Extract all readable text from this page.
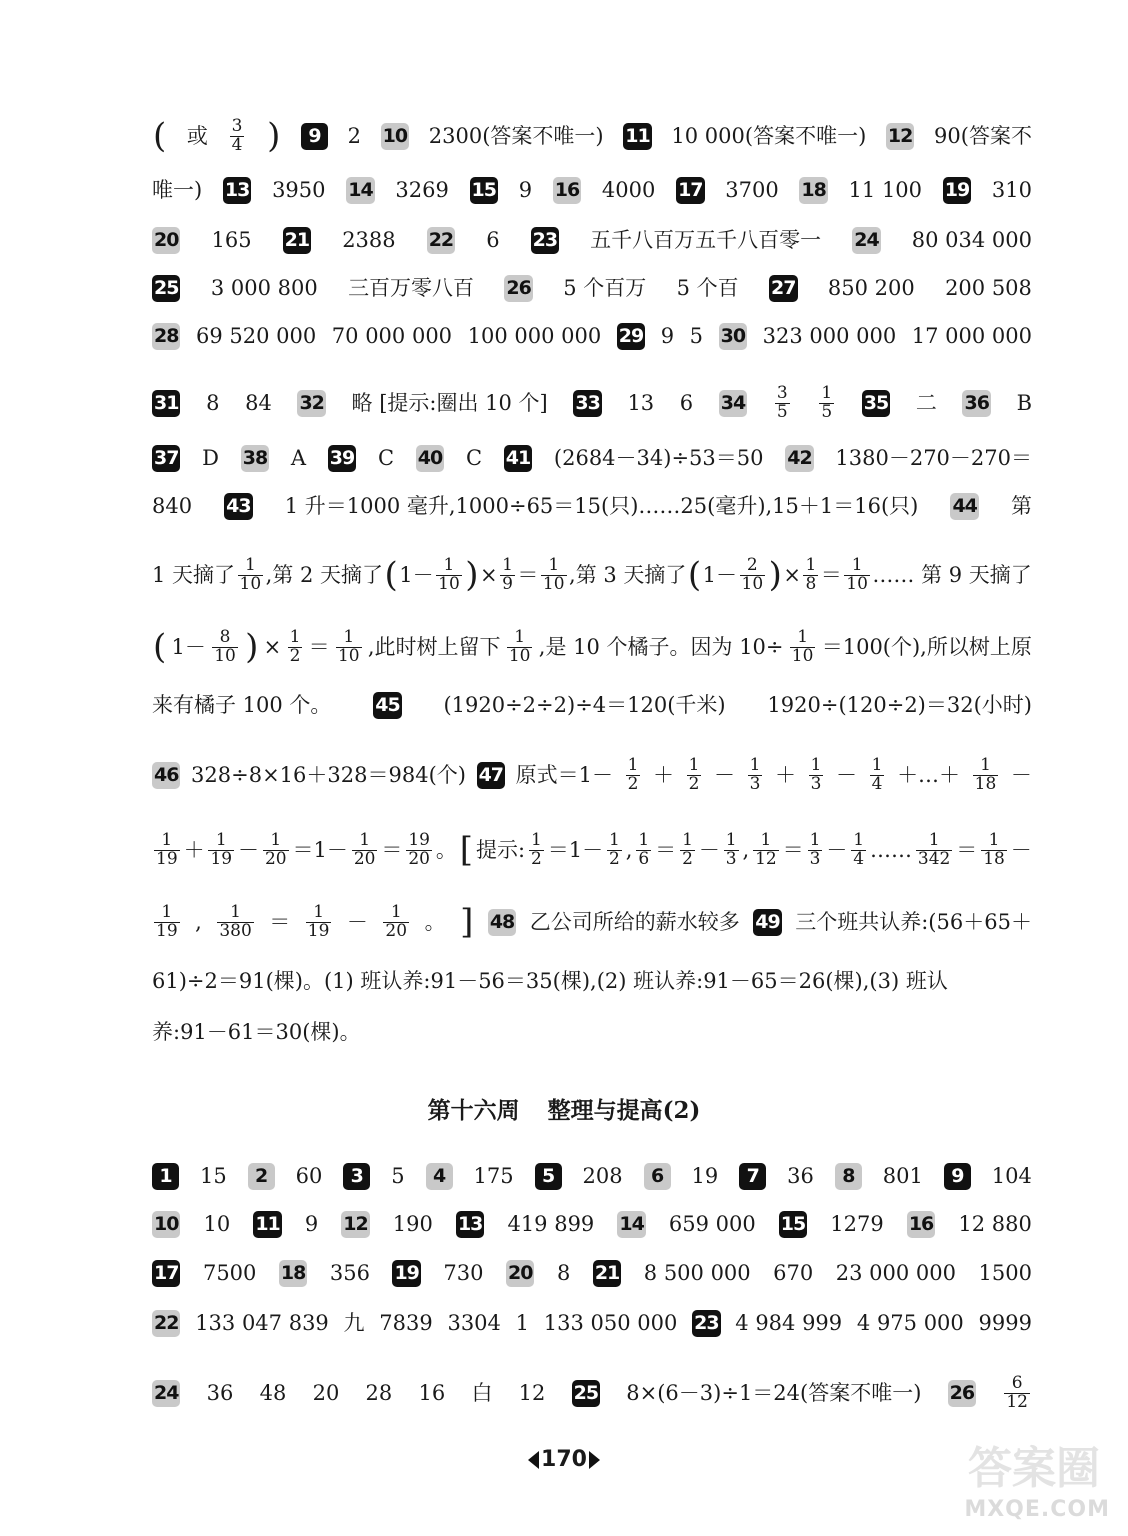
( 或 $\frac{3}{4}$ )	9	2 10 2300(答案不唯一) 11 10 000(答案不唯一) 12 90(答案不
唯一) 13 3950 14 3269 15 9 16 4000 17 3700 18 11 100 19 310
20 165 21 2388 22 6 23 五千八百万五千八百零一 24 80 034 000
25 3 000 800 三百万零八百 26 5 个百万 5 个百 27 850 200 200 508
28 69 520 000 70 000 000 100 000 000 29 9 5 30 323 000 000 17 000 000
31 8 84 32 略 [提示:圈出 10 个] 33 13 6 $34 \frac{3}{5} \frac{1}{5} 35$ 二 36 B
37 D 38 A 39 C 40 C 41 (2684－34)÷53＝50 42 1380－270－270＝
840 43 1 升＝1000 毫升,1000÷65＝15(只)……25(毫升),15＋1＝16(只) 44 第
1 天摘了 $\frac{1}{10}$ ,第 2 天摘了 ( $1- \frac{1}{10}$ ) × $\frac{1}{9} = \frac{1}{10}$ ,第 3 天摘了 ( $1- \frac{2}{10}$ ) × $\frac{1}{8} = \frac{1}{10}$ …… 第 9 天摘了
( $1- \frac{8}{10}$ ) × $\frac{1}{2} = \frac{1}{10}$ ,此时树上留下 $\frac{1}{10}$ ,是 10 个橘子。因为 $10\div \frac{1}{10} =100$(个),所以树上原
来有橘子 100 个。 45 (1920÷2÷2)÷4＝120(千米) 1920÷(120÷2)＝32(小时)
46 328÷8×16＋328＝984(个) 47 原式$=1- \frac{1}{2} + \frac{1}{2} - \frac{1}{3} + \frac{1}{3} - \frac{1}{4}$ ＋…＋ $\frac{1}{18}$ －
$\frac{1}{19} + \frac{1}{19} - \frac{1}{20} =1- \frac{1}{20} = \frac{19}{20}$ 。 [ 提示: $\frac{1}{2} =1- \frac{1}{2}$ , $\frac{1}{6} = \frac{1}{2} - \frac{1}{3}$ , $\frac{1}{12} = \frac{1}{3} - \frac{1}{4}$ …… $\frac{1}{342} = \frac{1}{18}$ －
$\frac{1}{19}$ , $\frac{1}{380} = \frac{1}{19} - \frac{1}{20}$ 。 ] 48 乙公司所给的薪水较多 49 三个班共认养:(56＋65＋
61)÷2＝91(棵)。(1) 班认养:91－56＝35(棵),(2) 班认养:91－65＝26(棵),(3) 班认
养:91－61＝30(棵)。
1	15	2	60	3	5	4	175	5	208	6	19	7	36	8	801	9	104
10 10 11 9 12 190 13 419 899 14 659 000 15 1279 16 12 880
17 7500 18 356 19 730 20 8 21 8 500 000 670 23 000 000 1500
22 133 047 839 九 7839 3304 1 133 050 000 23 4 984 999 4 975 000 9999
24 36 48 20 28 16 白 12 25 8×(6－3)÷1＝24(答案不唯一) $26 \frac{6}{12}$
第十六周 整理与提高(2)
170	答案圈
MXQE.COM
